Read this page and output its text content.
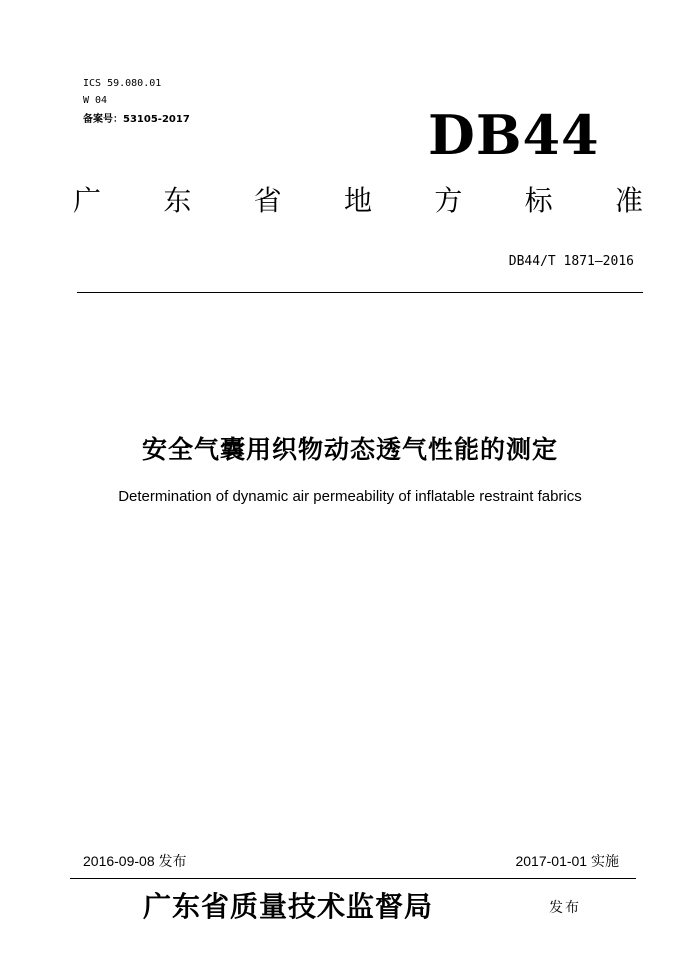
ICS 59.080.01
W 04
备案号：53105-2017	DB44
广 东 省 地 方 标 准
DB44/T 1871—2016
安全气囊用织物动态透气性能的测定
Determination of dynamic air permeability of inflatable restraint fabrics
2016-09-08 发布	2017-01-01 实施
广东省质量技术监督局	发布
